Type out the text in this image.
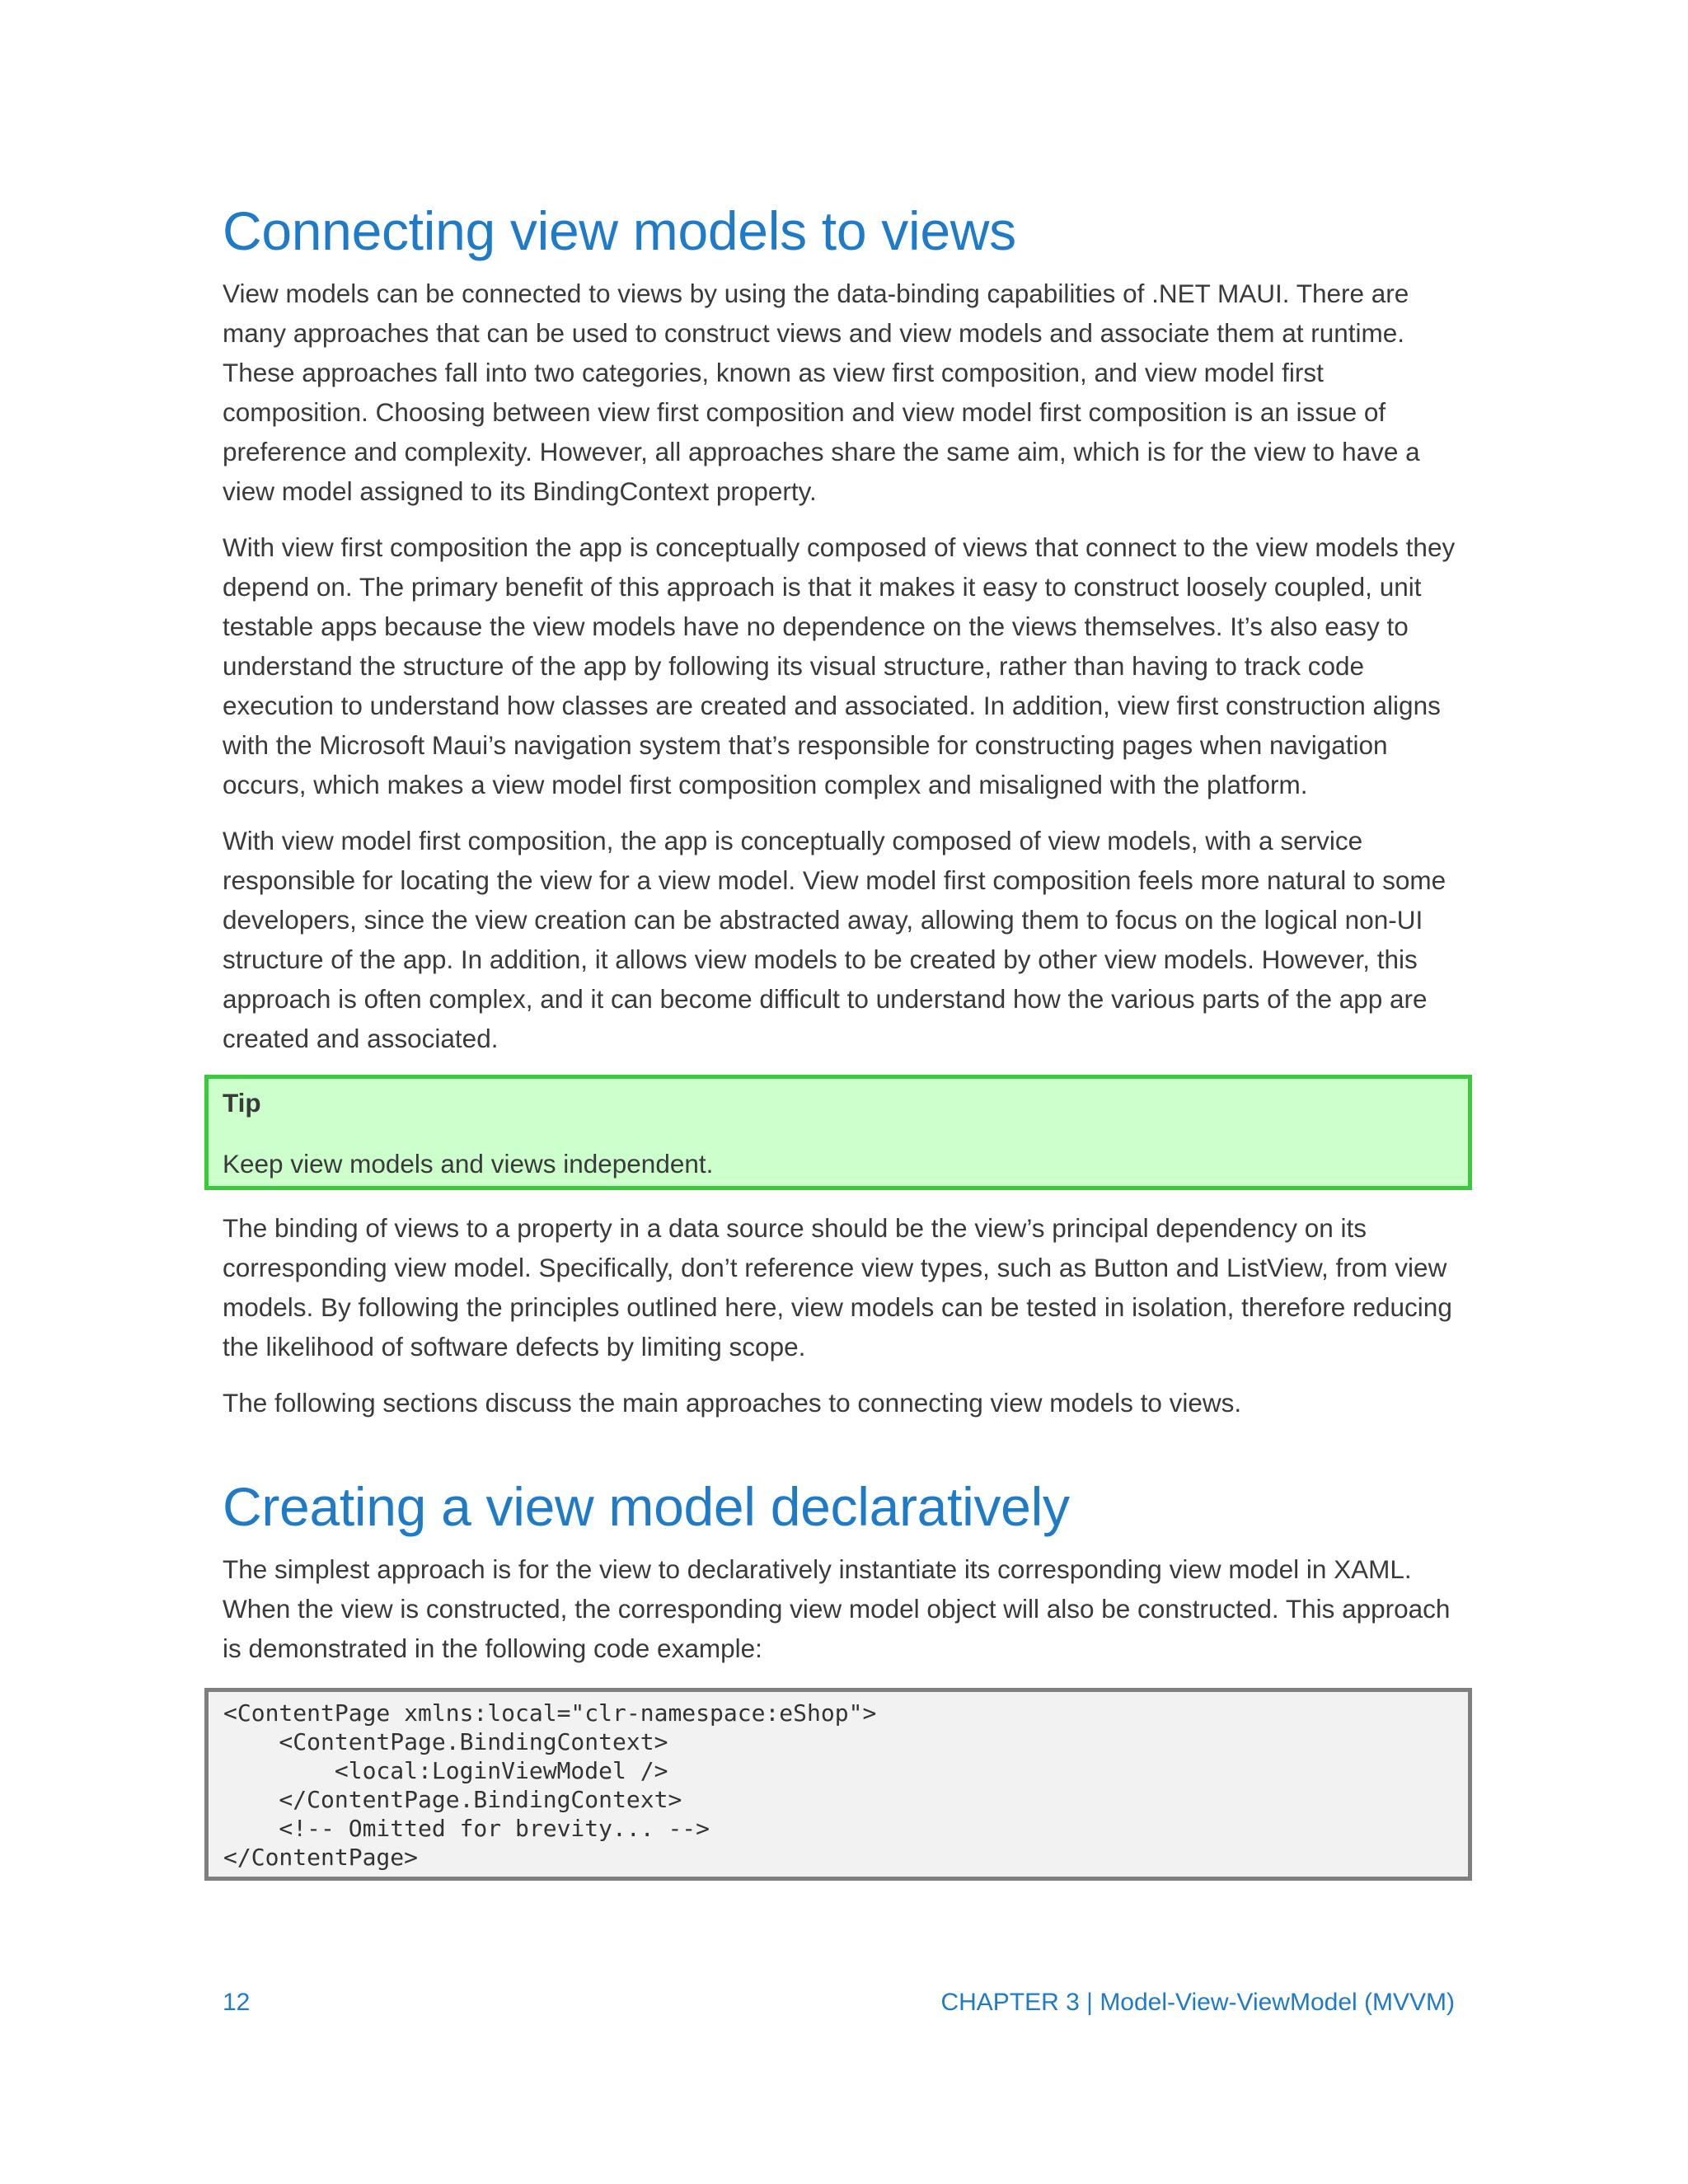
Connecting view models to views

View models can be connected to views by using the data-binding capabilities of .NET MAUI. There are many approaches that can be used to construct views and view models and associate them at runtime. These approaches fall into two categories, known as view first composition, and view model first composition. Choosing between view first composition and view model first composition is an issue of preference and complexity. However, all approaches share the same aim, which is for the view to have a view model assigned to its BindingContext property.

With view first composition the app is conceptually composed of views that connect to the view models they depend on. The primary benefit of this approach is that it makes it easy to construct loosely coupled, unit testable apps because the view models have no dependence on the views themselves. It’s also easy to understand the structure of the app by following its visual structure, rather than having to track code execution to understand how classes are created and associated. In addition, view first construction aligns with the Microsoft Maui’s navigation system that’s responsible for constructing pages when navigation occurs, which makes a view model first composition complex and misaligned with the platform.

With view model first composition, the app is conceptually composed of view models, with a service responsible for locating the view for a view model. View model first composition feels more natural to some developers, since the view creation can be abstracted away, allowing them to focus on the logical non-UI structure of the app. In addition, it allows view models to be created by other view models. However, this approach is often complex, and it can become difficult to understand how the various parts of the app are created and associated.

Tip
Keep view models and views independent.

The binding of views to a property in a data source should be the view’s principal dependency on its corresponding view model. Specifically, don’t reference view types, such as Button and ListView, from view models. By following the principles outlined here, view models can be tested in isolation, therefore reducing the likelihood of software defects by limiting scope.

The following sections discuss the main approaches to connecting view models to views.

Creating a view model declaratively

The simplest approach is for the view to declaratively instantiate its corresponding view model in XAML. When the view is constructed, the corresponding view model object will also be constructed. This approach is demonstrated in the following code example:

<ContentPage xmlns:local="clr-namespace:eShop">
<ContentPage.BindingContext>
<local:LoginViewModel />
</ContentPage.BindingContext>
<!-- Omitted for brevity... -->
</ContentPage>
12	CHAPTER 3 | Model-View-ViewModel (MVVM)
